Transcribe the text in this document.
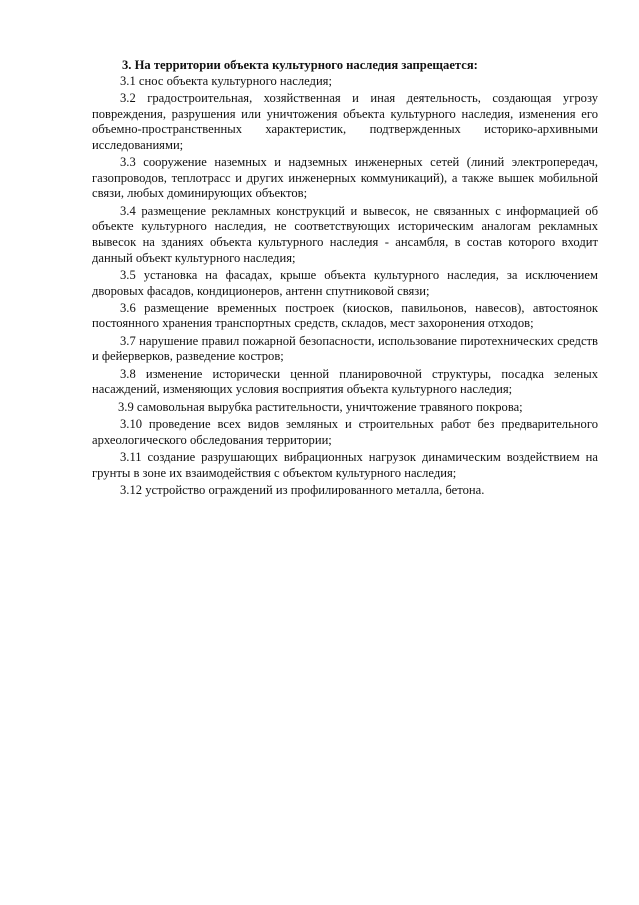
3. На территории объекта культурного наследия запрещается:

3.1 снос объекта культурного наследия;

3.2 градостроительная, хозяйственная и иная деятельность, создающая угрозу повреждения, разрушения или уничтожения объекта культурного наследия, изменения его объемно-пространственных характеристик, подтвержденных историко-архивными исследованиями;

3.3 сооружение наземных и надземных инженерных сетей (линий электропередач, газопроводов, теплотрасс и других инженерных коммуникаций), а также вышек мобильной связи, любых доминирующих объектов;

3.4 размещение рекламных конструкций и вывесок, не связанных с информацией об объекте культурного наследия, не соответствующих историческим аналогам рекламных вывесок на зданиях объекта культурного наследия - ансамбля, в состав которого входит данный объект культурного наследия;

3.5 установка на фасадах, крыше объекта культурного наследия, за исключением дворовых фасадов, кондиционеров, антенн спутниковой связи;

3.6 размещение временных построек (киосков, павильонов, навесов), автостоянок постоянного хранения транспортных средств, складов, мест захоронения отходов;

3.7 нарушение правил пожарной безопасности, использование пиротехнических средств и фейерверков, разведение костров;

3.8 изменение исторически ценной планировочной структуры, посадка зеленых насаждений, изменяющих условия восприятия объекта культурного наследия;

3.9 самовольная вырубка растительности, уничтожение травяного покрова;

3.10 проведение всех видов земляных и строительных работ без предварительного археологического обследования территории;

3.11 создание разрушающих вибрационных нагрузок динамическим воздействием на грунты в зоне их взаимодействия с объектом культурного наследия;

3.12 устройство ограждений из профилированного металла, бетона.
